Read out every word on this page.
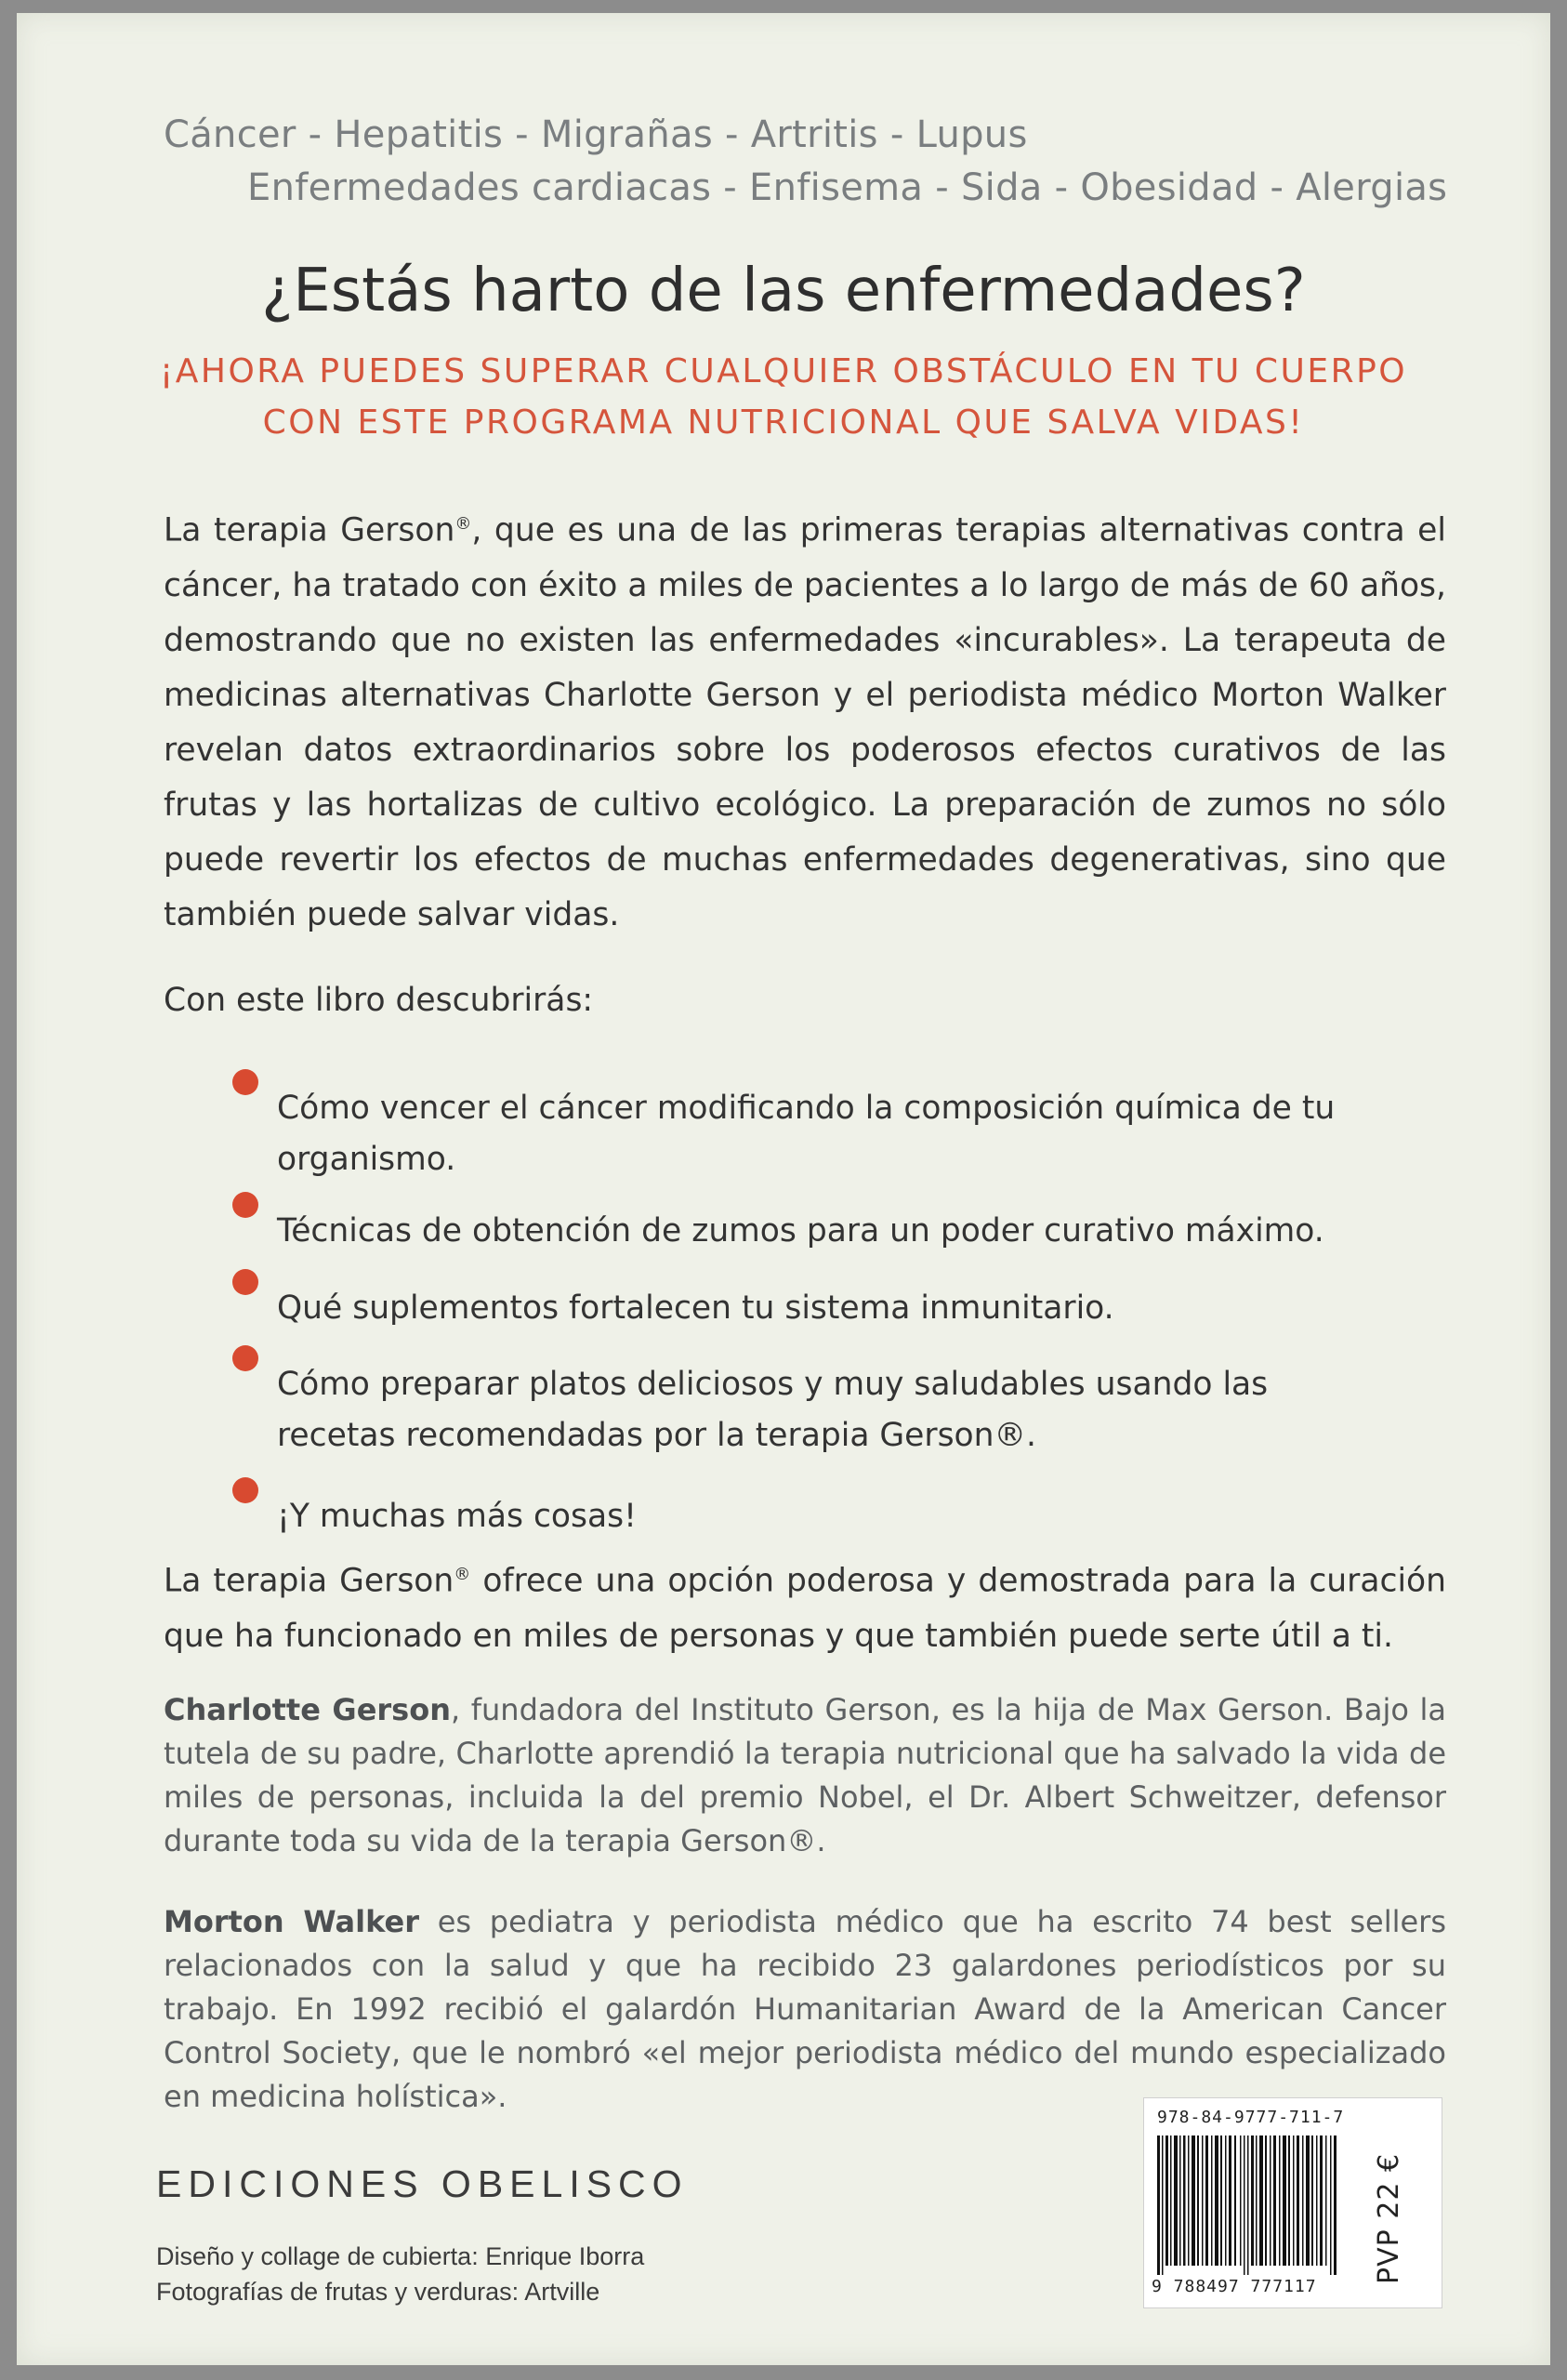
Cáncer - Hepatitis - Migrañas - Artritis - Lupus

Enfermedades cardiacas - Enfisema - Sida - Obesidad - Alergias

¿Estás harto de las enfermedades?

¡AHORA PUEDES SUPERAR CUALQUIER OBSTÁCULO EN TU CUERPO

CON ESTE PROGRAMA NUTRICIONAL QUE SALVA VIDAS!

La terapia Gerson®, que es una de las primeras terapias alternativas contra el cáncer, ha tratado con éxito a miles de pacientes a lo largo de más de 60 años, demostrando que no existen las enfermedades «incurables». La terapeuta de medicinas alternativas Charlotte Gerson y el periodista médico Morton Walker revelan datos extraordinarios sobre los poderosos efectos curativos de las frutas y las hortalizas de cultivo ecológico. La preparación de zumos no sólo puede revertir los efectos de muchas enfermedades degenerativas, sino que también puede salvar vidas.

Con este libro descubrirás:

Cómo vencer el cáncer modificando la composición química de tu organismo.

Técnicas de obtención de zumos para un poder curativo máximo.

Qué suplementos fortalecen tu sistema inmunitario.

Cómo preparar platos deliciosos y muy saludables usando las recetas recomendadas por la terapia Gerson®.

¡Y muchas más cosas!

La terapia Gerson® ofrece una opción poderosa y demostrada para la curación que ha funcionado en miles de personas y que también puede serte útil a ti.

Charlotte Gerson, fundadora del Instituto Gerson, es la hija de Max Gerson. Bajo la tutela de su padre, Charlotte aprendió la terapia nutricional que ha salvado la vida de miles de personas, incluida la del premio Nobel, el Dr. Albert Schweitzer, defensor durante toda su vida de la terapia Gerson®.

Morton Walker es pediatra y periodista médico que ha escrito 74 best sellers relacionados con la salud y que ha recibido 23 galardones periodísticos por su trabajo. En 1992 recibió el galardón Humanitarian Award de la American Cancer Control Society, que le nombró «el mejor periodista médico del mundo especializado en medicina holística».

EDICIONES OBELISCO

Diseño y collage de cubierta: Enrique Iborra

Fotografías de frutas y verduras: Artville

978-84-9777-711-7

9 788497 777117

PVP 22 €
